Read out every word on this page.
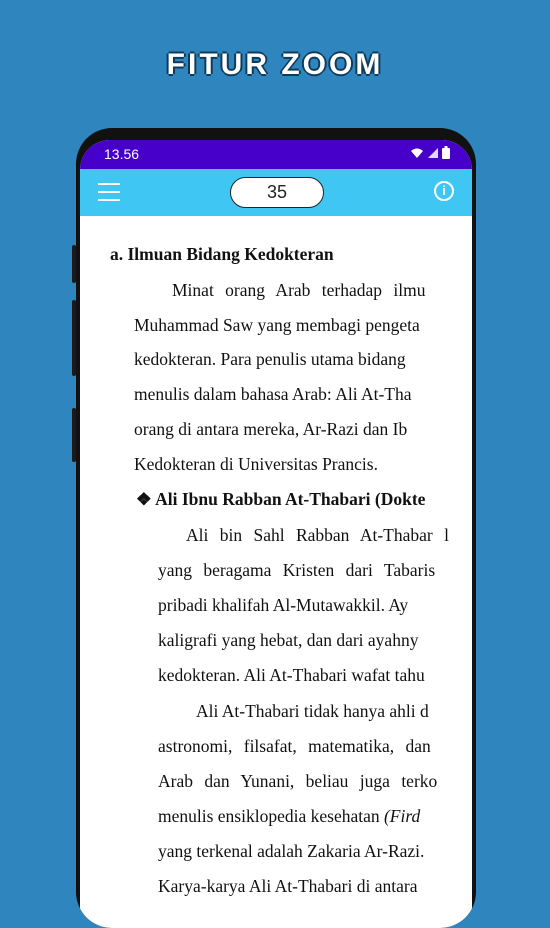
FITUR ZOOM
13.56
35	i
a. Ilmuan Bidang Kedokteran
Minat orang Arab terhadap ilmu
Muhammad Saw yang membagi pengeta
kedokteran. Para penulis utama bidang
menulis dalam bahasa Arab: Ali At-Tha
orang di antara mereka, Ar-Razi dan Ib
Kedokteran di Universitas Prancis.
❖ Ali Ibnu Rabban At-Thabari (Dokte
Ali bin Sahl Rabban At-Thabar l
yang beragama Kristen dari Tabaris
pribadi khalifah Al-Mutawakkil. Ay
kaligrafi yang hebat, dan dari ayahny
kedokteran. Ali At-Thabari wafat tahu
Ali At-Thabari tidak hanya ahli d
astronomi, filsafat, matematika, dan
Arab dan Yunani, beliau juga terko
menulis ensiklopedia kesehatan (Fird
yang terkenal adalah Zakaria Ar-Razi.
Karya-karya Ali At-Thabari di antara
